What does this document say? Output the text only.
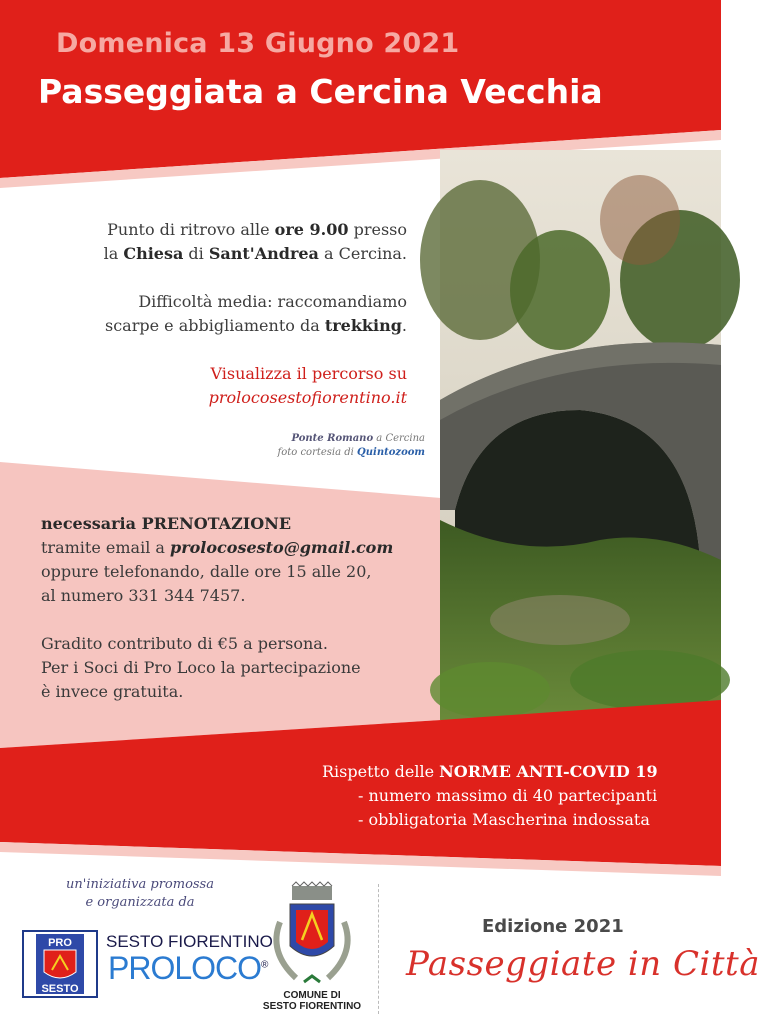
Domenica 13 Giugno 2021
Passeggiata a Cercina Vecchia
Punto di ritrovo alle ore 9.00 presso
la Chiesa di Sant'Andrea a Cercina.
Difficoltà media: raccomandiamo
scarpe e abbigliamento da trekking.
Visualizza il percorso su
prolocosestofiorentino.it
Ponte Romano a Cercina
foto cortesia di Quintozoom
necessaria PRENOTAZIONE
tramite email a prolocosesto@gmail.com
oppure telefonando, dalle ore 15 alle 20,
al numero 331 344 7457.
Gradito contributo di €5 a persona.
Per i Soci di Pro Loco la partecipazione
è invece gratuita.
Rispetto delle NORME ANTI-COVID 19
- numero massimo di 40 partecipanti
- obbligatoria Mascherina indossata
un'iniziativa promossa
e organizzata da
PRO
SESTO
SESTO FIORENTINO
PROLOCO®
COMUNE DI
SESTO FIORENTINO
Edizione 2021
Passeggiate in Città
